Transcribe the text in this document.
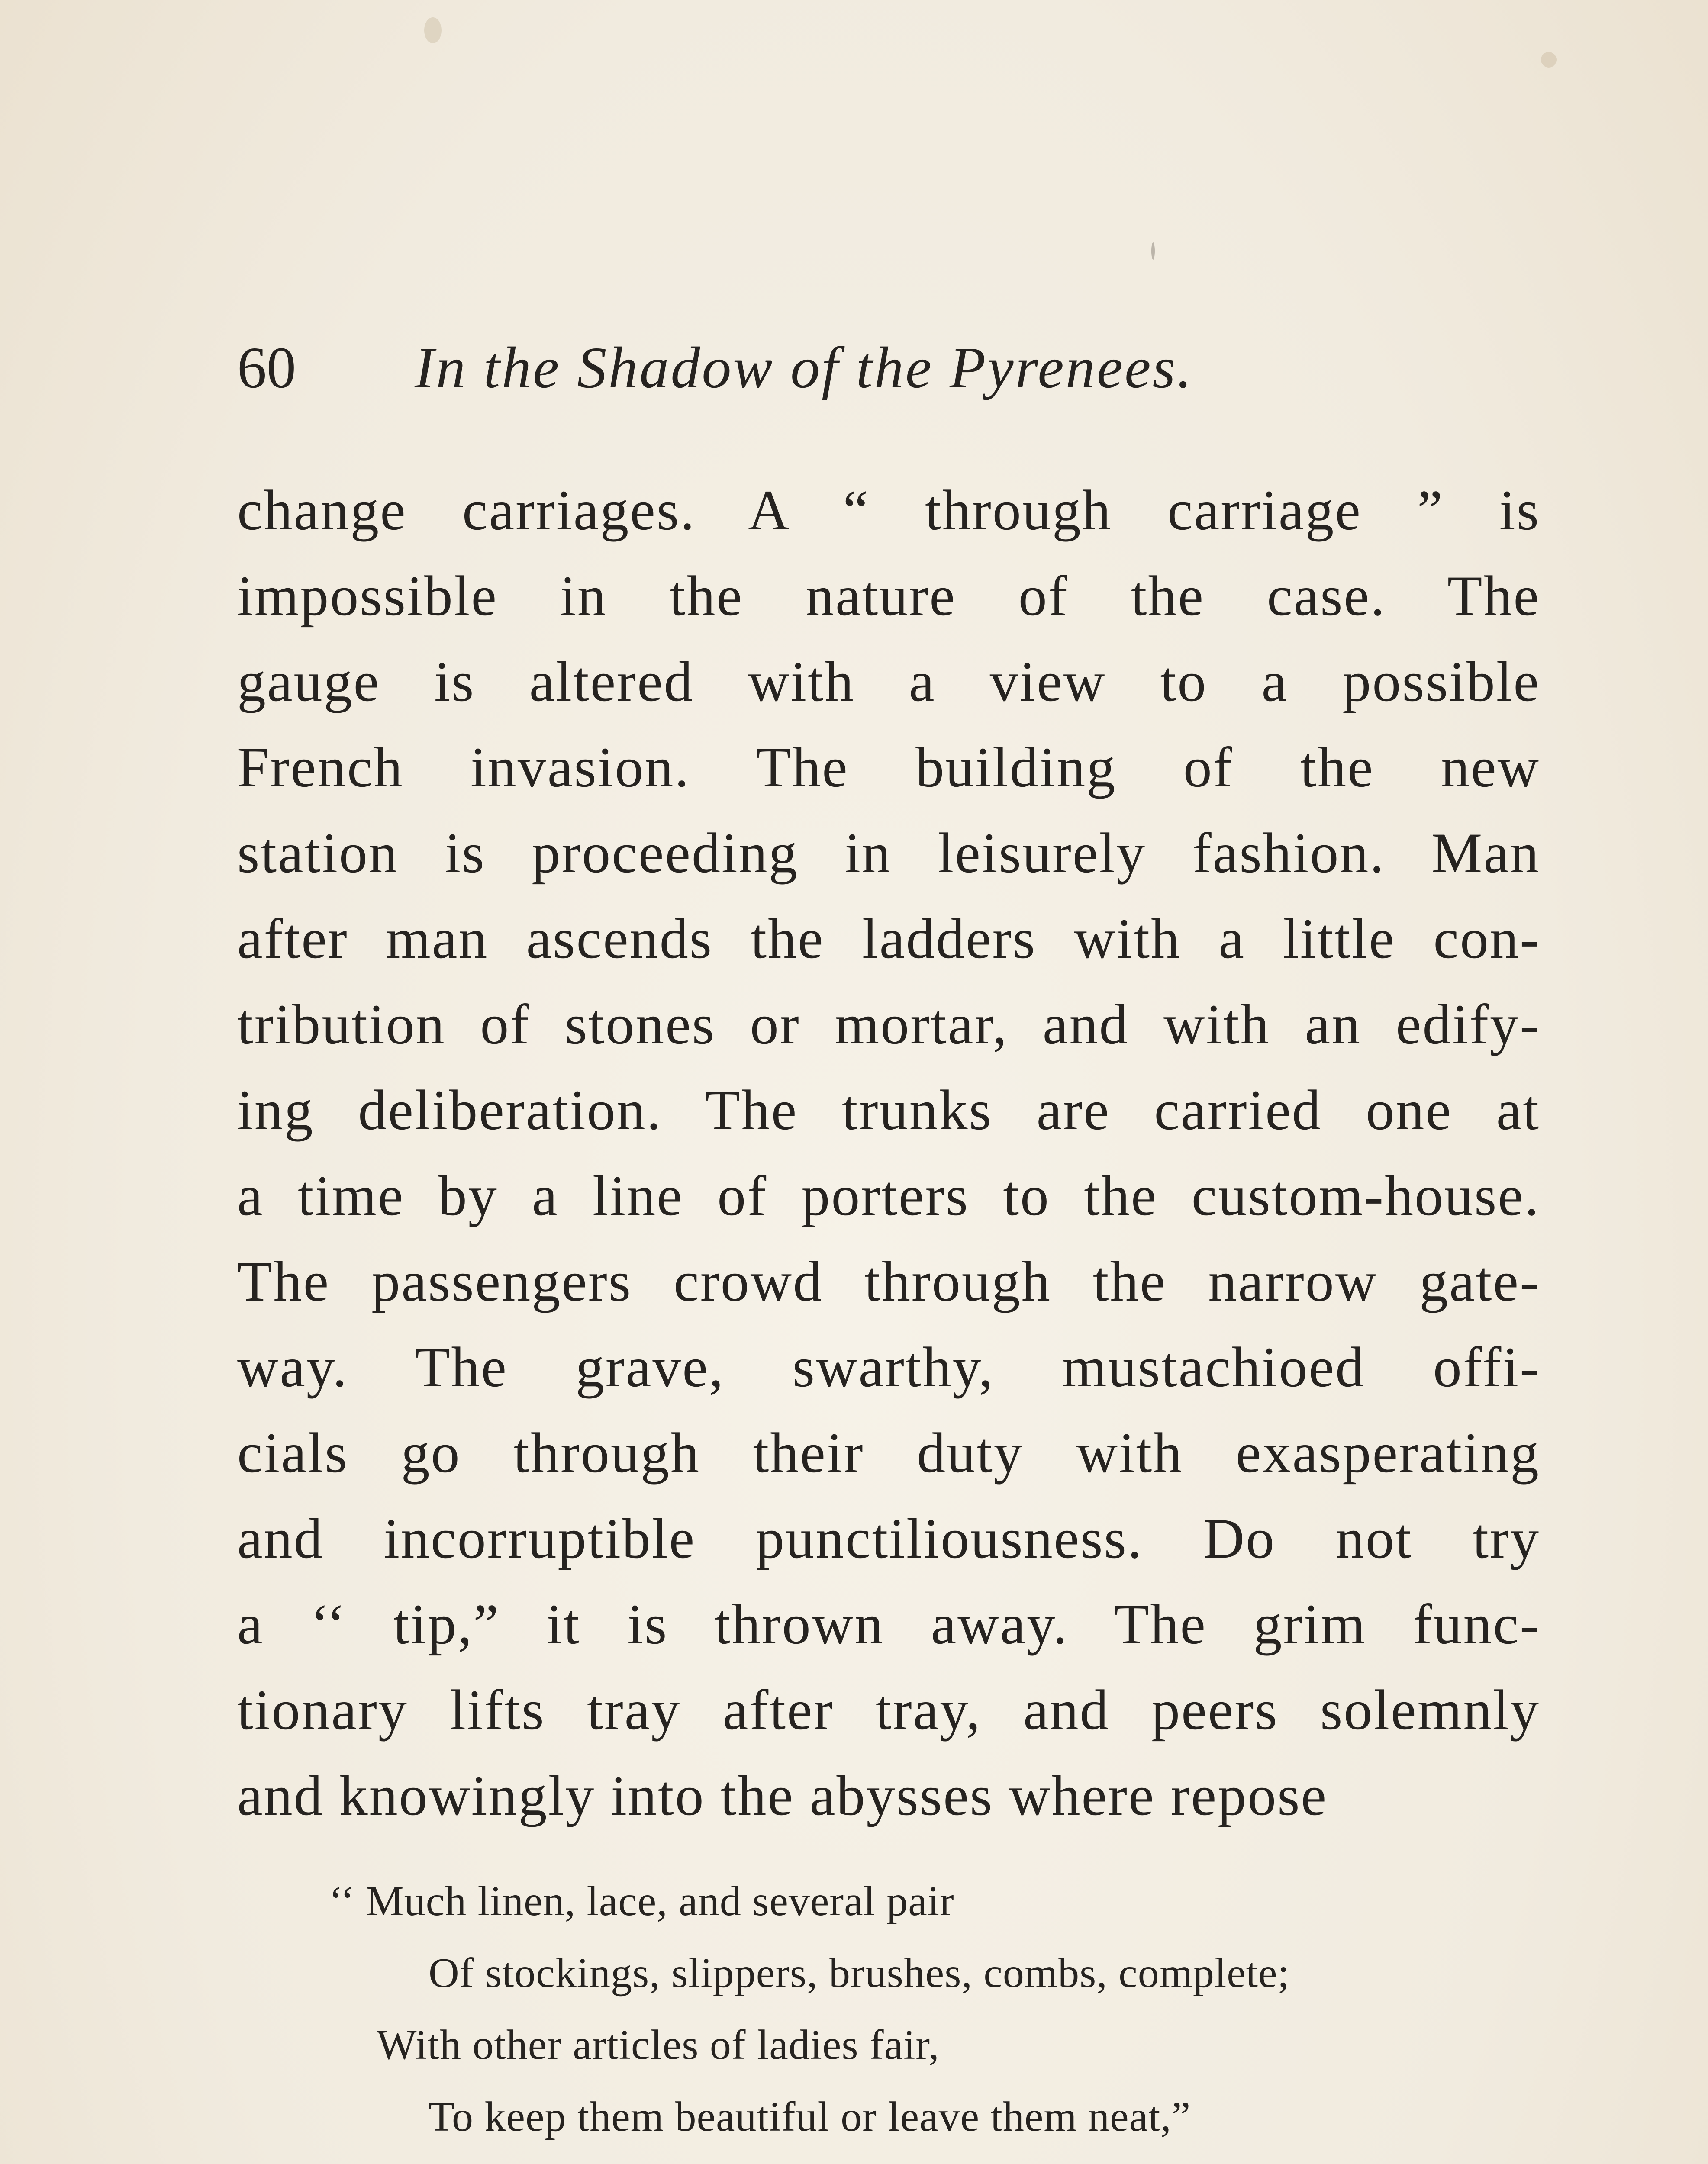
60 In the Shadow of the Pyrenees.
change carriages. A “ through carriage ” is
impossible in the nature of the case. The
gauge is altered with a view to a possible
French invasion. The building of the new
station is proceeding in leisurely fashion. Man
after man ascends the ladders with a little con-
tribution of stones or mortar, and with an edify-
ing deliberation. The trunks are carried one at
a time by a line of porters to the custom-house.
The passengers crowd through the narrow gate-
way. The grave, swarthy, mustachioed offi-
cials go through their duty with exasperating
and incorruptible punctiliousness. Do not try
a ‘‘ tip,” it is thrown away. The grim func-
tionary lifts tray after tray, and peers solemnly
and knowingly into the abysses where repose
‘‘ Much linen, lace, and several pair
Of stockings, slippers, brushes, combs, complete;
With other articles of ladies fair,
To keep them beautiful or leave them neat,”
